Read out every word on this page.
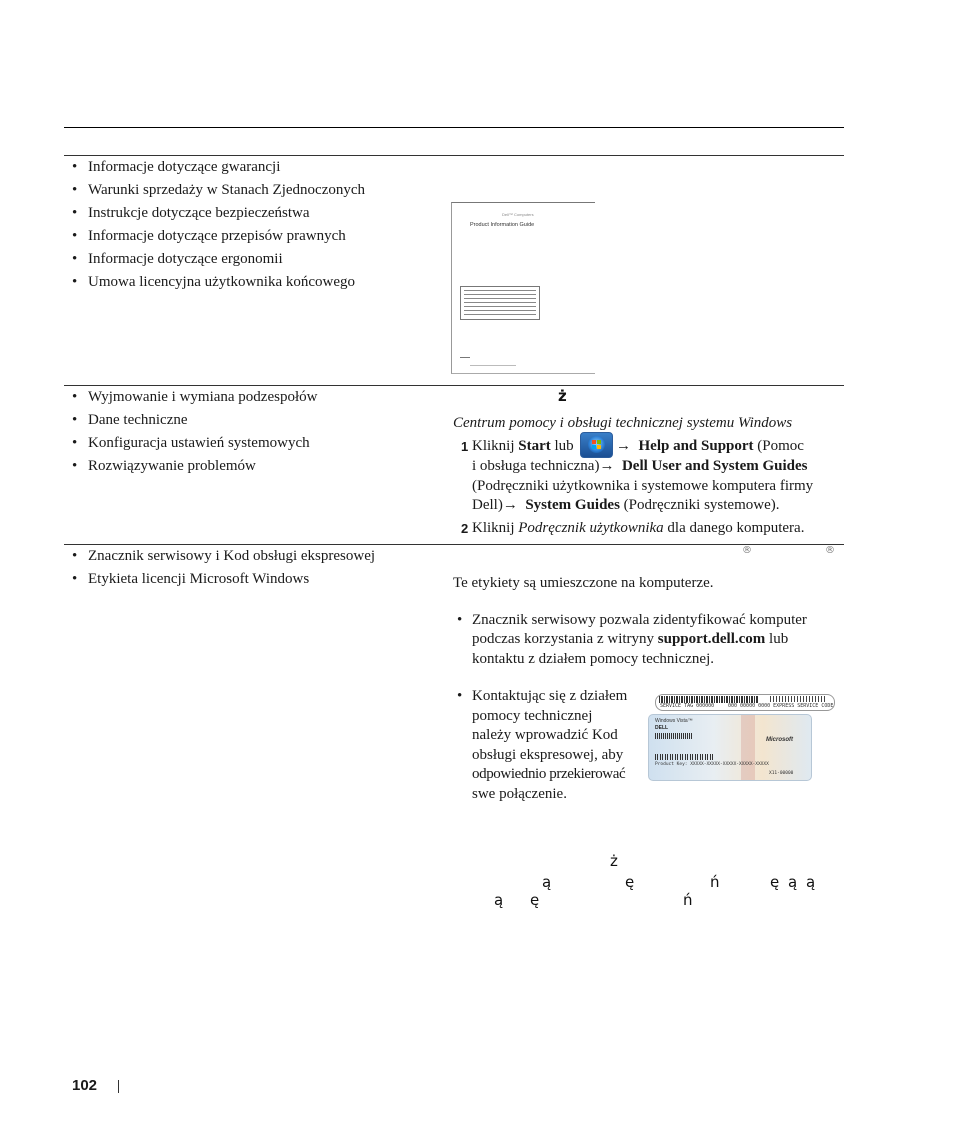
• Informacje dotyczące gwarancji
• Warunki sprzedaży w Stanach Zjednoczonych
• Instrukcje dotyczące bezpieczeństwa
• Informacje dotyczące przepisów prawnych
• Informacje dotyczące ergonomii
• Umowa licencyjna użytkownika końcowego
Dell™ Computers
Product Information Guide
• Wyjmowanie i wymiana podzespołów
• Dane techniczne
• Konfiguracja ustawień systemowych
• Rozwiązywanie problemów
ż
Centrum pomocy i obsługi technicznej systemu Windows
1 Kliknij Start lub	→ Help and Support (Pomoc
i obsługa techniczna)→ Dell User and System Guides
(Podręczniki użytkownika i systemowe komputera firmy
Dell)→ System Guides (Podręczniki systemowe).
2 Kliknij Podręcznik użytkownika dla danego komputera.
• Znacznik serwisowy i Kod obsługi ekspresowej
• Etykieta licencji Microsoft Windows
®	®
Te etykiety są umieszczone na komputerze.
• Znacznik serwisowy pozwala zidentyfikować komputer
podczas korzystania z witryny support.dell.com lub
kontaktu z działem pomocy technicznej.
• Kontaktując się z działem
pomocy technicznej
należy wprowadzić Kod
obsługi ekspresowej, aby
odpowiednio przekierować
swe połączenie.
SERVICE TAG 000000	000 00000 0000 EXPRESS SERVICE CODE
Windows Vista™
DELL
Product Key: XXXXX-XXXXX-XXXXX-XXXXX-XXXXX
Microsoft
X11-00000
ż
ą	ę	ń	ę ą ą
ą ę	ń
102
